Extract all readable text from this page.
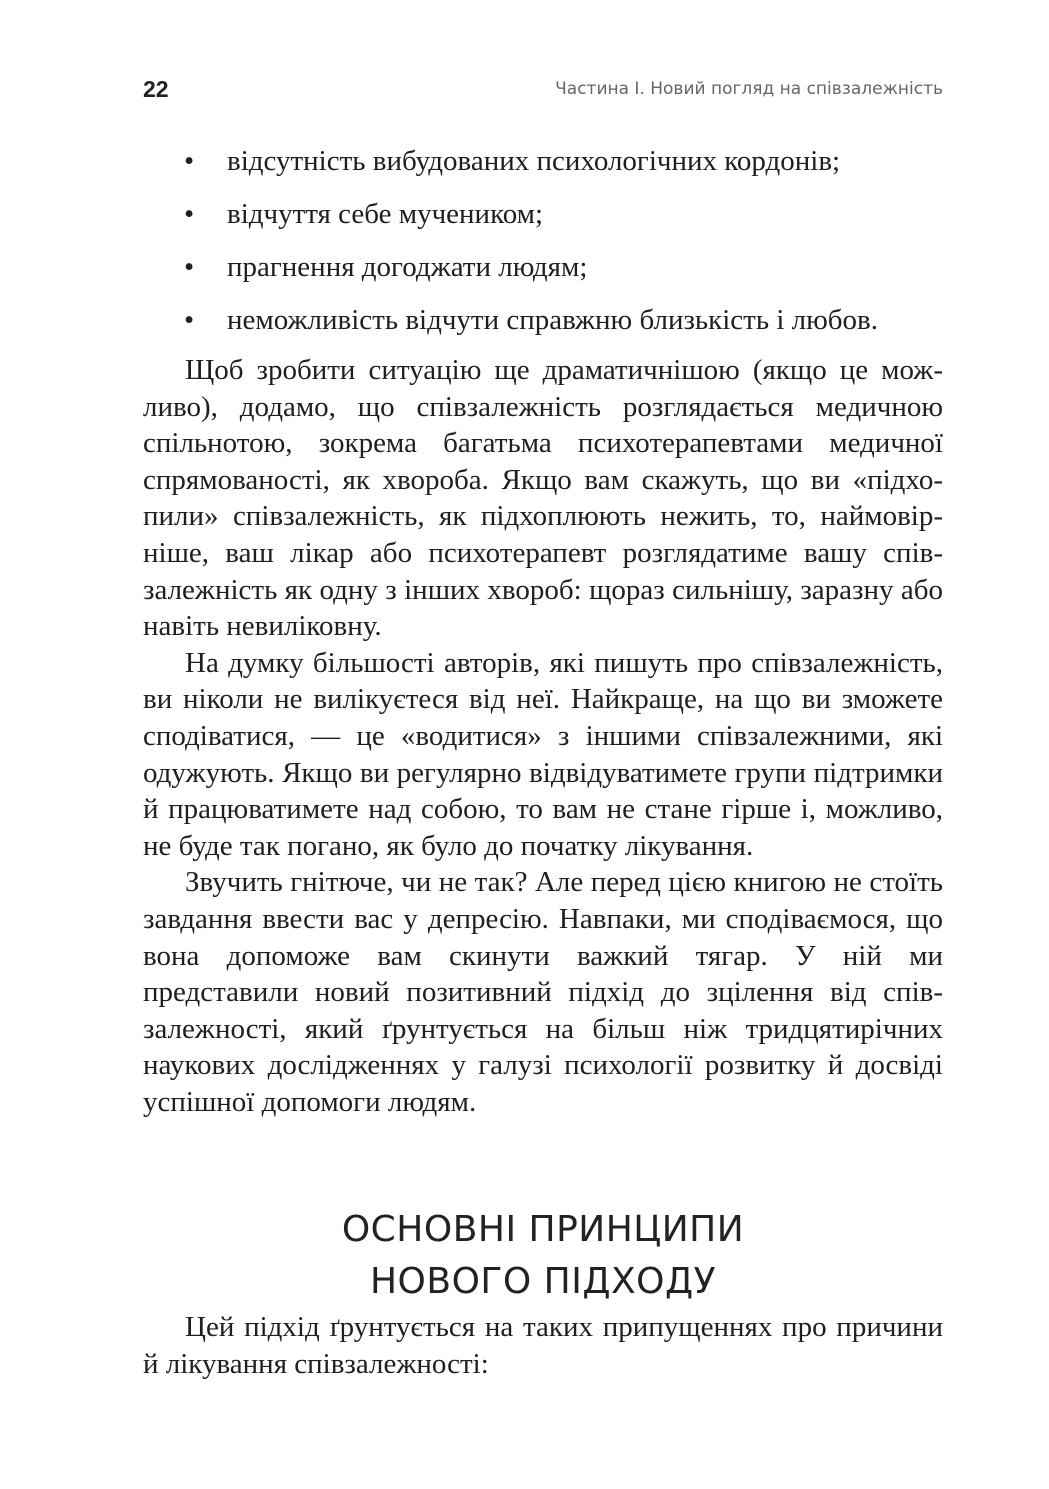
22	Частина І. Новий погляд на співзалежність
• відсутність вибудованих психологічних кордонів;
• відчуття себе мучеником;
• прагнення догоджати людям;
• неможливість відчути справжню близькість і любов.

Щоб зробити ситуацію ще драматичнішою (якщо це можливо), додамо, що співзалежність розглядається медичною спільнотою, зокрема багатьма психотерапевтами медичної спрямованості, як хвороба. Якщо вам скажуть, що ви «підхопили» співзалежність, як підхоплюють нежить, то, наймовірніше, ваш лікар або психотерапевт розглядатиме вашу співзалежність як одну з інших хвороб: щораз сильнішу, заразну або навіть невиліковну.

На думку більшості авторів, які пишуть про співзалежність, ви ніколи не вилікуєтеся від неї. Найкраще, на що ви зможете сподіватися, — це «водитися» з іншими співзалежними, які одужують. Якщо ви регулярно відвідуватимете групи підтримки й працюватимете над собою, то вам не стане гірше і, можливо, не буде так погано, як було до початку лікування.

Звучить гнітюче, чи не так? Але перед цією книгою не стоїть завдання ввести вас у депресію. Навпаки, ми сподіваємося, що вона допоможе вам скинути важкий тягар. У ній ми представили новий позитивний підхід до зцілення від співзалежності, який ґрунтується на більш ніж тридцятирічних наукових дослідженнях у галузі психології розвитку й досвіді успішної допомоги людям.

ОСНОВНІ ПРИНЦИПИ
НОВОГО ПІДХОДУ

Цей підхід ґрунтується на таких припущеннях про причини й лікування співзалежності:
